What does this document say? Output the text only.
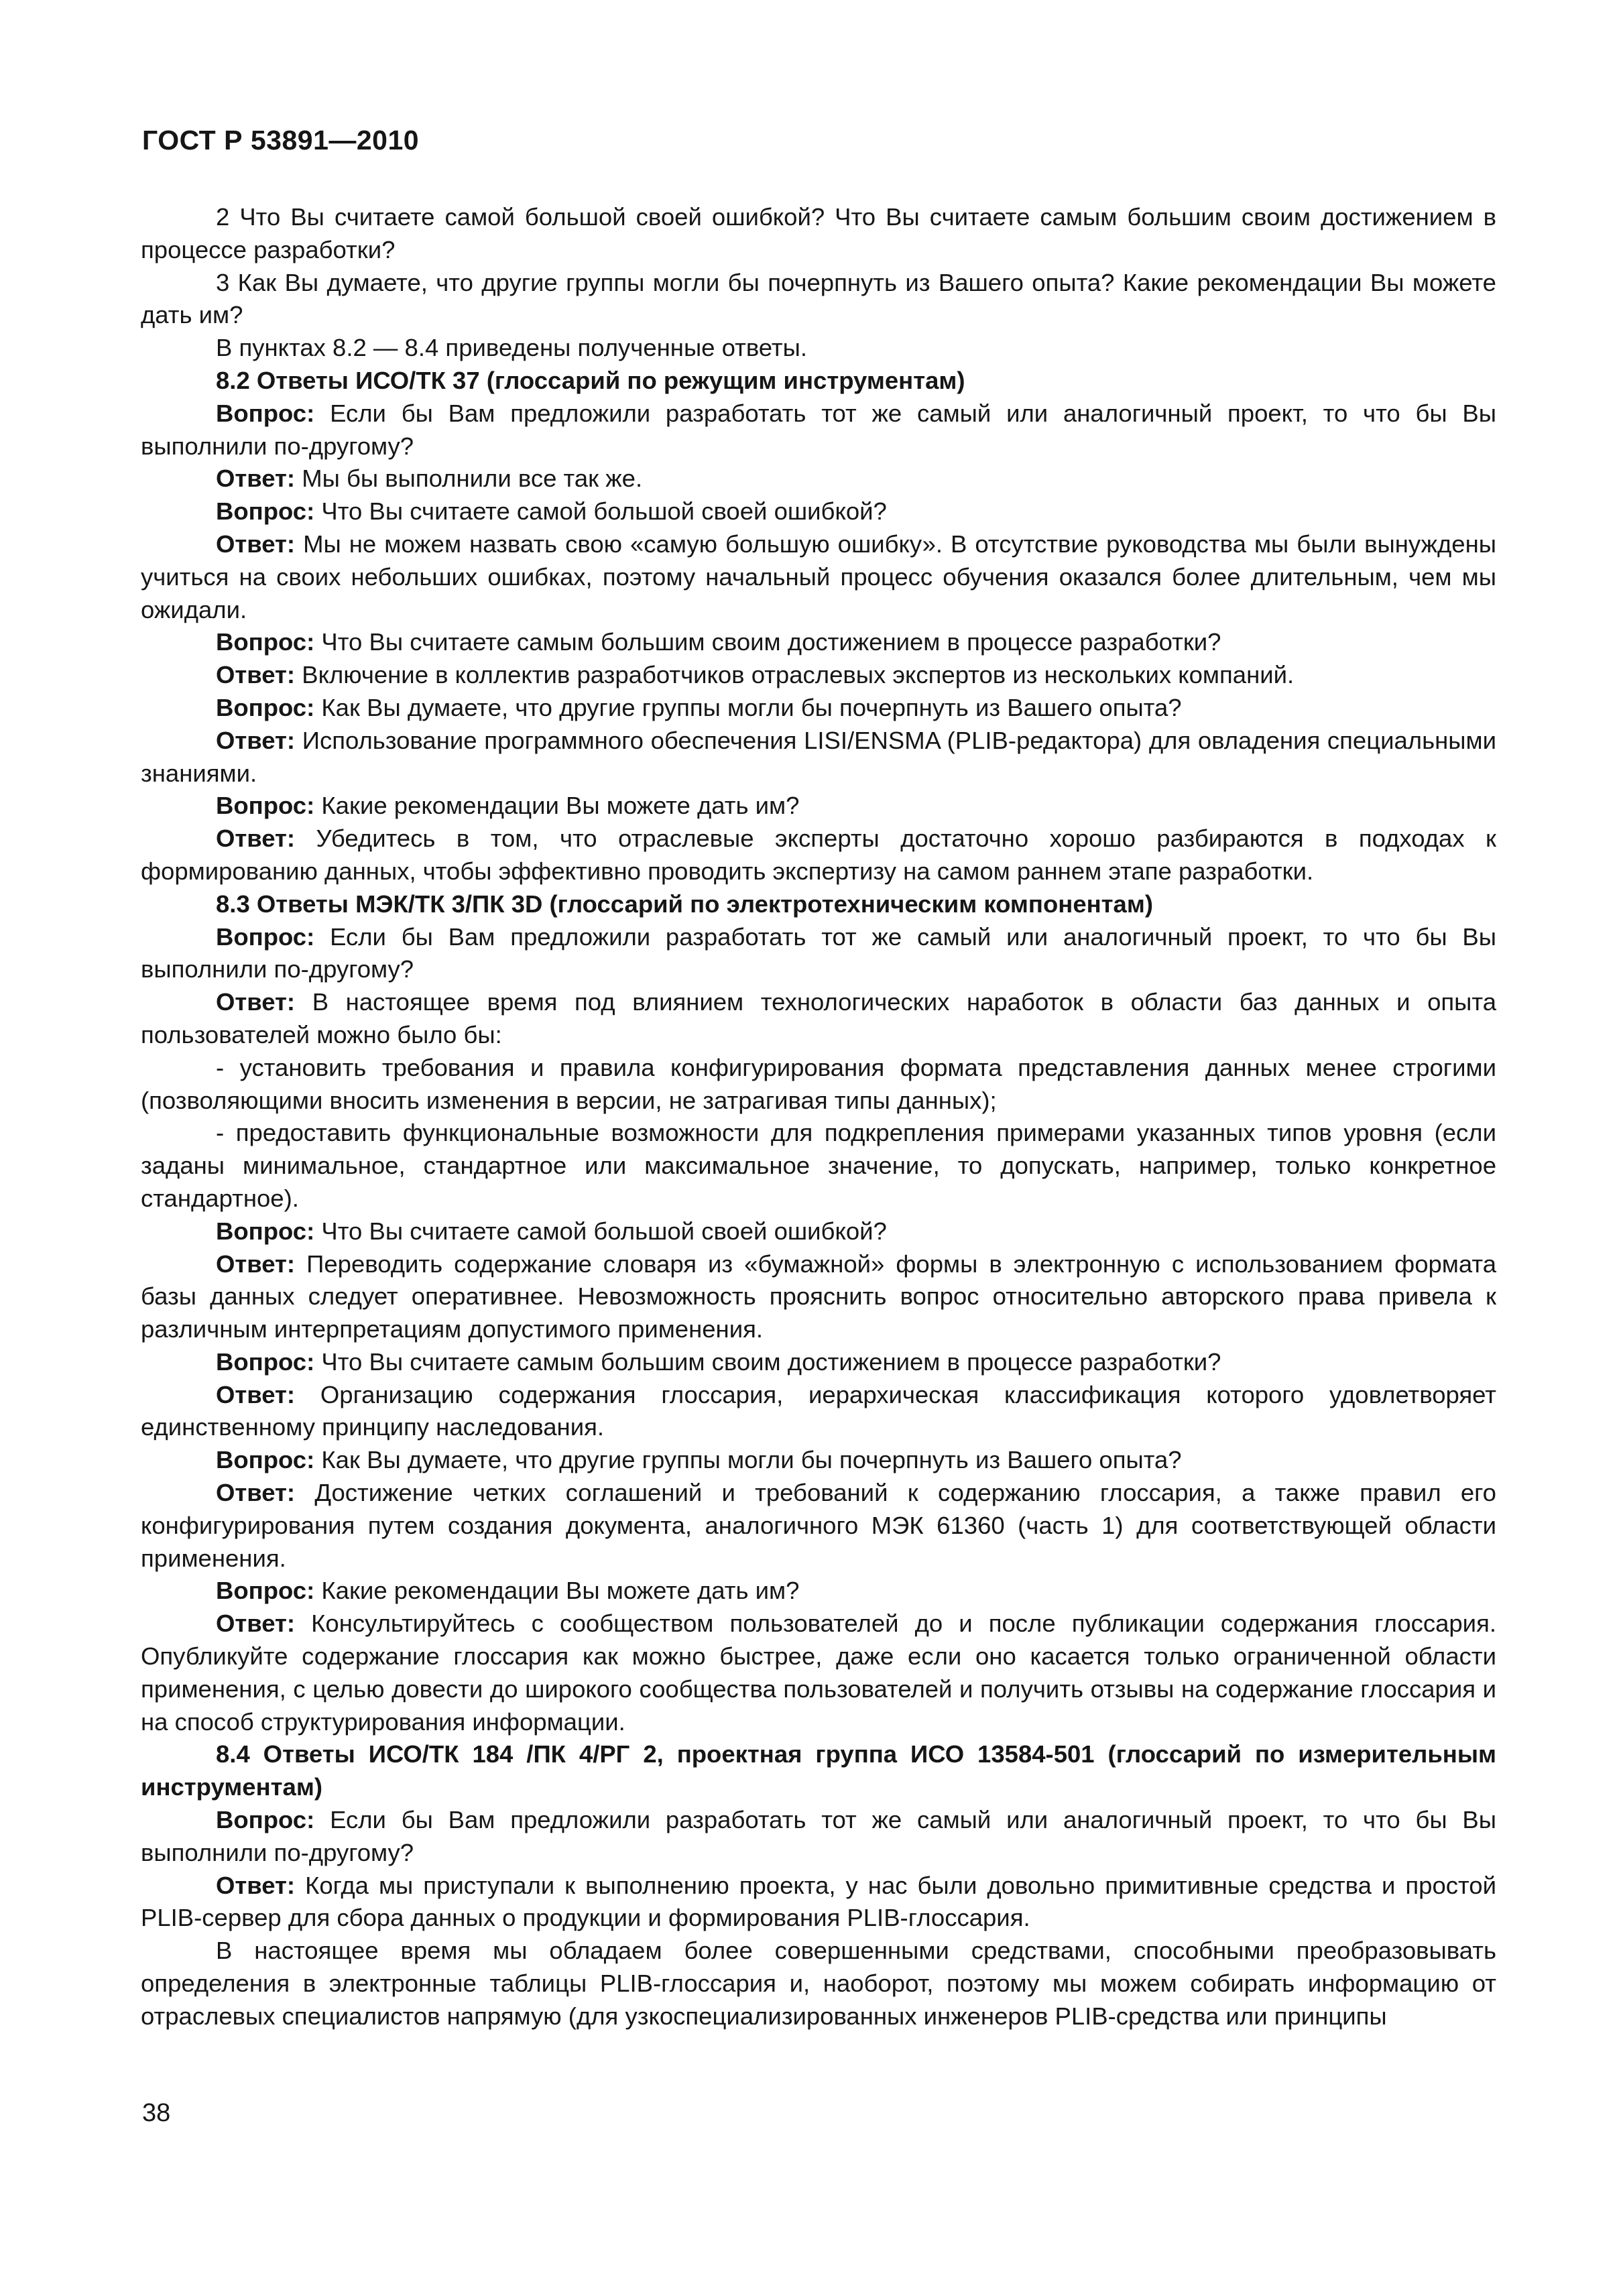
ГОСТ Р 53891—2010

2 Что Вы считаете самой большой своей ошибкой? Что Вы считаете самым большим своим достижением в процессе разработки?

3 Как Вы думаете, что другие группы могли бы почерпнуть из Вашего опыта? Какие рекомендации Вы можете дать им?

В пунктах 8.2 — 8.4 приведены полученные ответы.

8.2 Ответы ИСО/ТК 37 (глоссарий по режущим инструментам)

Вопрос: Если бы Вам предложили разработать тот же самый или аналогичный проект, то что бы Вы выполнили по-другому?

Ответ: Мы бы выполнили все так же.

Вопрос: Что Вы считаете самой большой своей ошибкой?

Ответ: Мы не можем назвать свою «самую большую ошибку». В отсутствие руководства мы были вынуждены учиться на своих небольших ошибках, поэтому начальный процесс обучения оказался более длительным, чем мы ожидали.

Вопрос: Что Вы считаете самым большим своим достижением в процессе разработки?

Ответ: Включение в коллектив разработчиков отраслевых экспертов из нескольких компаний.

Вопрос: Как Вы думаете, что другие группы могли бы почерпнуть из Вашего опыта?

Ответ: Использование программного обеспечения LISI/ENSMA (PLIB-редактора) для овладения специальными знаниями.

Вопрос: Какие рекомендации Вы можете дать им?

Ответ: Убедитесь в том, что отраслевые эксперты достаточно хорошо разбираются в подходах к формированию данных, чтобы эффективно проводить экспертизу на самом раннем этапе разработки.

8.3 Ответы МЭК/ТК 3/ПК 3D (глоссарий по электротехническим компонентам)

Вопрос: Если бы Вам предложили разработать тот же самый или аналогичный проект, то что бы Вы выполнили по-другому?

Ответ: В настоящее время под влиянием технологических наработок в области баз данных и опыта пользователей можно было бы:

- установить требования и правила конфигурирования формата представления данных менее строгими (позволяющими вносить изменения в версии, не затрагивая типы данных);

- предоставить функциональные возможности для подкрепления примерами указанных типов уровня (если заданы минимальное, стандартное или максимальное значение, то допускать, например, только конкретное стандартное).

Вопрос: Что Вы считаете самой большой своей ошибкой?

Ответ: Переводить содержание словаря из «бумажной» формы в электронную с использованием формата базы данных следует оперативнее. Невозможность прояснить вопрос относительно авторского права привела к различным интерпретациям допустимого применения.

Вопрос: Что Вы считаете самым большим своим достижением в процессе разработки?

Ответ: Организацию содержания глоссария, иерархическая классификация которого удовлетворяет единственному принципу наследования.

Вопрос: Как Вы думаете, что другие группы могли бы почерпнуть из Вашего опыта?

Ответ: Достижение четких соглашений и требований к содержанию глоссария, а также правил его конфигурирования путем создания документа, аналогичного МЭК 61360 (часть 1) для соответствующей области применения.

Вопрос: Какие рекомендации Вы можете дать им?

Ответ: Консультируйтесь с сообществом пользователей до и после публикации содержания глоссария. Опубликуйте содержание глоссария как можно быстрее, даже если оно касается только ограниченной области применения, с целью довести до широкого сообщества пользователей и получить отзывы на содержание глоссария и на способ структурирования информации.

8.4 Ответы ИСО/ТК 184 /ПК 4/РГ 2, проектная группа ИСО 13584-501 (глоссарий по измерительным инструментам)

Вопрос: Если бы Вам предложили разработать тот же самый или аналогичный проект, то что бы Вы выполнили по-другому?

Ответ: Когда мы приступали к выполнению проекта, у нас были довольно примитивные средства и простой PLIB-сервер для сбора данных о продукции и формирования PLIB-глоссария.

В настоящее время мы обладаем более совершенными средствами, способными преобразовывать определения в электронные таблицы PLIB-глоссария и, наоборот, поэтому мы можем собирать информацию от отраслевых специалистов напрямую (для узкоспециализированных инженеров PLIB-средства или принципы

38
